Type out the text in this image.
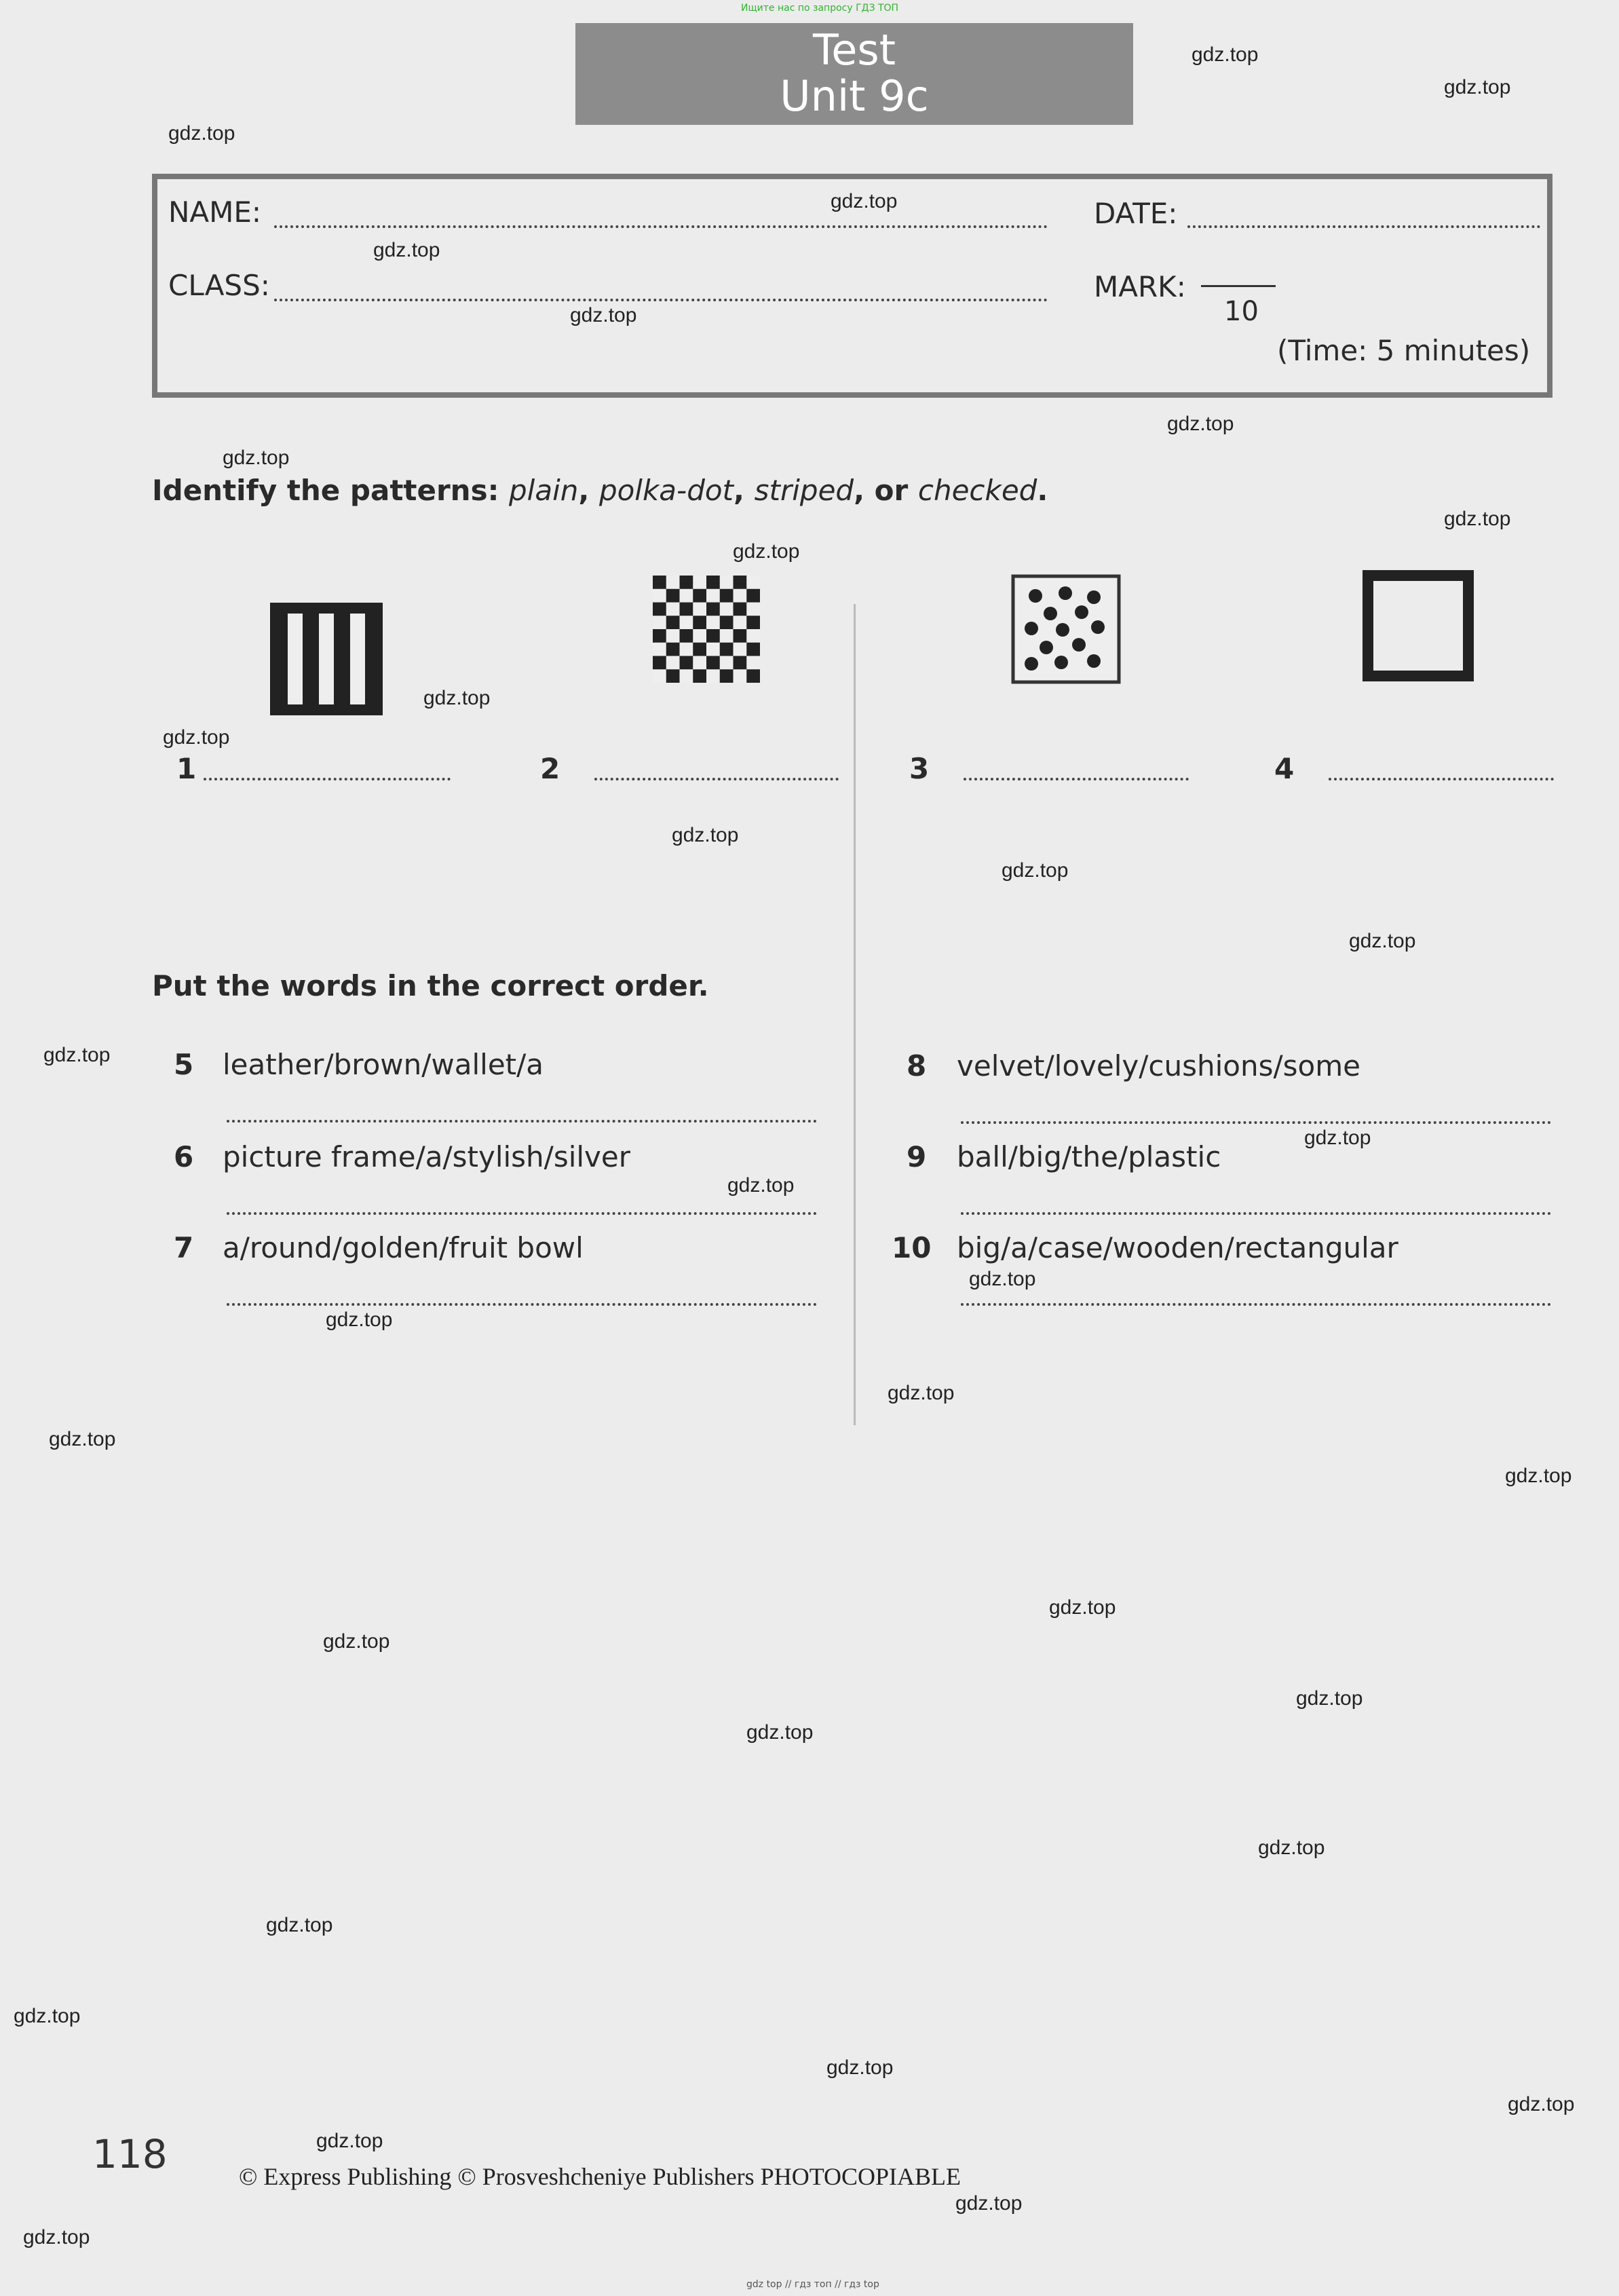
Ищите нас по запросу ГДЗ ТОП
Test
Unit 9c
NAME:	DATE:
CLASS:	MARK:
10
(Time: 5 minutes)
Identify the patterns: plain, polka-dot, striped, or checked.
1	2	3	4
Put the words in the correct order.
5 leather/brown/wallet/a
6 picture frame/a/stylish/silver
7 a/round/golden/fruit bowl
8 velvet/lovely/cushions/some
9 ball/big/the/plastic
10 big/a/case/wooden/rectangular
118	© Express Publishing © Prosveshcheniye Publishers PHOTOCOPIABLE
gdz top // гдз топ // гдз top
gdz.top
gdz.top
gdz.top
gdz.top
gdz.top
gdz.top
gdz.top
gdz.top
gdz.top
gdz.top
gdz.top
gdz.top
gdz.top
gdz.top
gdz.top
gdz.top
gdz.top
gdz.top
gdz.top
gdz.top
gdz.top
gdz.top
gdz.top
gdz.top
gdz.top
gdz.top
gdz.top
gdz.top
gdz.top
gdz.top
gdz.top
gdz.top
gdz.top
gdz.top
gdz.top
